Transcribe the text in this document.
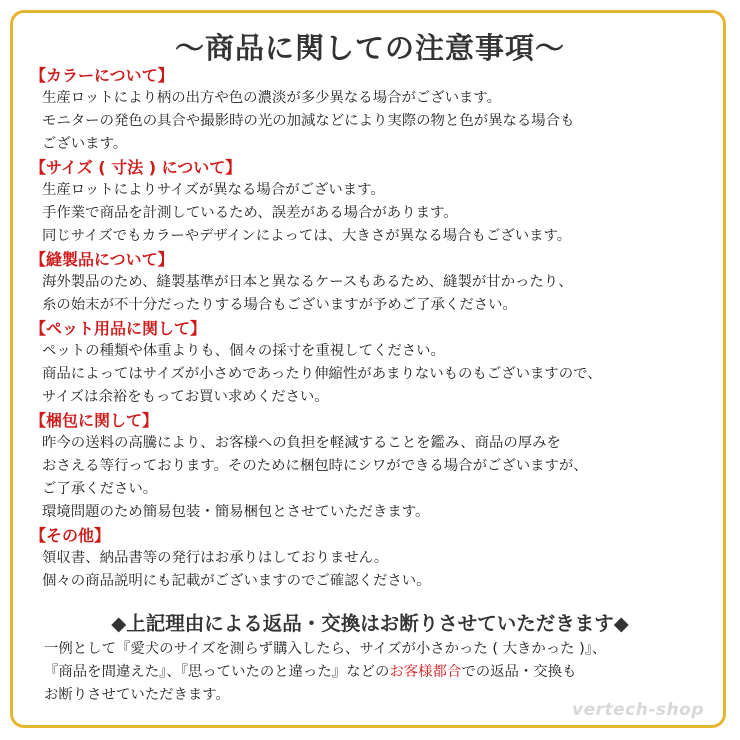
〜商品に関しての注意事項〜
【カラーについて】
生産ロットにより柄の出方や色の濃淡が多少異なる場合がございます。
モニターの発色の具合や撮影時の光の加減などにより実際の物と色が異なる場合も
ございます。
【サイズ ( 寸法 ) について】
生産ロットによりサイズが異なる場合がございます。
手作業で商品を計測しているため、誤差がある場合があります。
同じサイズでもカラーやデザインによっては、大きさが異なる場合もございます。
【縫製品について】
海外製品のため、縫製基準が日本と異なるケースもあるため、縫製が甘かったり、
糸の始末が不十分だったりする場合もございますが予めご了承ください。
【ペット用品に関して】
ペットの種類や体重よりも、個々の採寸を重視してください。
商品によってはサイズが小さめであったり伸縮性があまりないものもございますので、
サイズは余裕をもってお買い求めください。
【梱包に関して】
昨今の送料の高騰により、お客様への負担を軽減することを鑑み、商品の厚みを
おさえる等行っております。そのために梱包時にシワができる場合がございますが、
ご了承ください。
環境問題のため簡易包装・簡易梱包とさせていただきます。
【その他】
領収書、納品書等の発行はお承りはしておりません。
個々の商品説明にも記載がございますのでご確認ください。
◆上記理由による返品・交換はお断りさせていただきます◆
一例として『愛犬のサイズを測らず購入したら、サイズが小さかった ( 大きかった )』、
『商品を間違えた』、『思っていたのと違った』などのお客様都合での返品・交換も
お断りさせていただきます。
vertech-shop
